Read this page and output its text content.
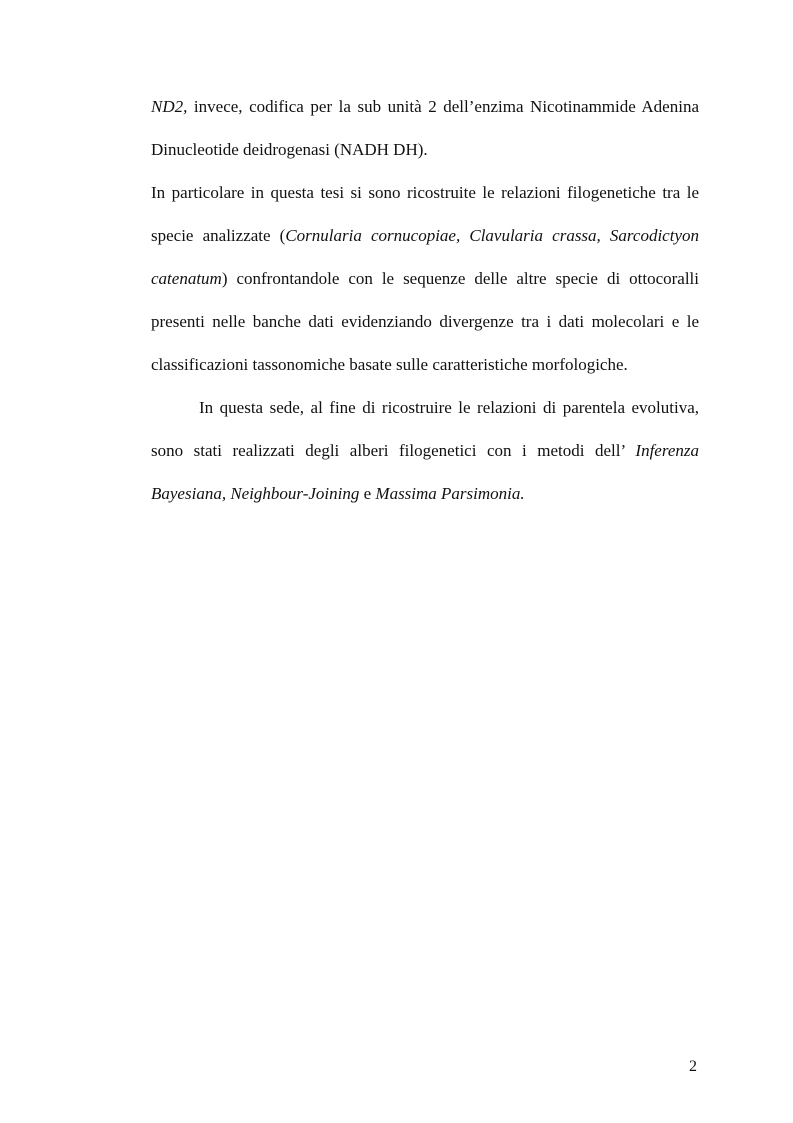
ND2, invece, codifica per la sub unità 2 dell’enzima Nicotinammide Adenina Dinucleotide deidrogenasi (NADH DH).

In particolare in questa tesi si sono ricostruite le relazioni filogenetiche tra le specie analizzate (Cornularia cornucopiae, Clavularia crassa, Sarcodictyon catenatum) confrontandole con le sequenze delle altre specie di ottocoralli presenti nelle banche dati evidenziando divergenze tra i dati molecolari e le classificazioni tassonomiche basate sulle caratteristiche morfologiche.

In questa sede, al fine di ricostruire le relazioni di parentela evolutiva, sono stati realizzati degli alberi filogenetici con i metodi dell’ Inferenza Bayesiana, Neighbour-Joining e Massima Parsimonia.

2
